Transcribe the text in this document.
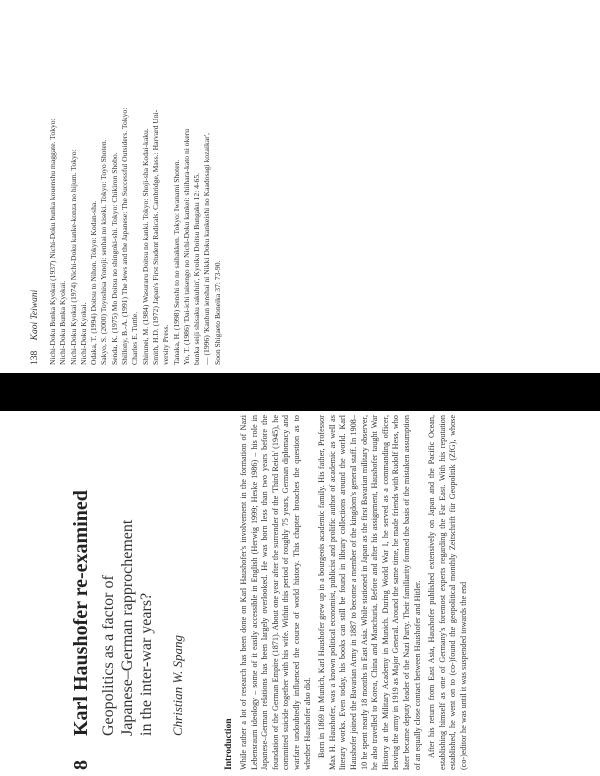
138 Kaoi Teiwani Nichi-Doku Bunka Kyokai (1937) Nichi-Doku bunka kouenshu maggate. Tokyo: Nichi-Doku Bunka Kyokai. Nichi-Doku Kyokai (1974) Nichi-Doku kanke-konza no hijum. Tokyo: Nichi-Doku Kyokai. Odaka, T. (1994) Doitsu to Nihon. Tokyo: Kodan-sha. Sakyo, S. (2000) Toyoshisa Yonoji: senhai no kiseki. Tokyo: Toyo Shoten. Senda, K. (1975) Mo Doitsu no shingoki-shi. Tokyo: Chikiron Shobo. Shillony, B.-A. (1991) The Jews and the Japanese: The Successful Outsiders. Tokyo: Charles E. Tuttle. Shirunei, M. (1984) Wasuraru Doitsu no kanki. Tokyo: Shoji-sha Kodai-kaku. Smith, H.D. (1972) Japan's First Student Radicals. Cambridge, Mass.: Harvard Uni- versity Press. Tanaka, H. (1998) Senshi to no saihakken. Tokyo: Iwanami Shoten. Yo, T. (1986) 'Dai-ichi taisengo no Nichi-Doku kankei: shiihara-kato ni okeru bunka seiji shisaku sakuhin', Kyoiku Doitsu Bungaku 12: 4-65. — (1996) 'Kanbun ienshai ni Nikki Doku kankeishi no Kaadosagi kozaikar', Soon Shigaeto Boneika 37: 73-90.

8
Karl Haushofer re-examined Geopolitics as a factor of Japanese–German rapprochement in the inter-war years? Christian W. Spang
Introduction While rather a lot of research has been done on Karl Haushofer's involvement in the formation of Nazi Lebensraum ideology – some of it easily accessible in English (Herwig 1999; Heske 1986) – his role in Japanese–German relations has been largely overlooked. He was born less than two years before the foundation of the German Empire (1871). About one year after the surrender of the 'Third Reich' (1945), he committed suicide together with his wife. Within this period of roughly 75 years, German diplomacy and warfare undoubtedly influenced the course of world history. This chapter broaches the question as to whether Haushofer also did. Born in 1869 in Munich, Karl Haushofer grew up in a bourgeois academic family. His father, Professor Max H. Haushofer, was a known political economist, publicist and prolific author of academic as well as literary works. Even today, his books can still be found in library collections around the world. Karl Haushofer joined the Bavarian Army in 1887 to become a member of the kingdom's general staff. In 1908–10 he spent nearly 18 months in East Asia. While stationed in Japan as the first Bavarian military observer, he also travelled to Korea, China and Manchuria. Before and after his assignment, Haushofer taught War History at the Military Academy in Munich. During World War I, he served as a commanding officer, leaving the army in 1919 as Major General. Around the same time, he made friends with Rudolf Hess, who later became deputy leader of the Nazi Party. Their familiarity formed the basis of the mistaken assumption of an equally close contact between Haushofer and Hitler. After his return from East Asia, Haushofer published extensively on Japan and the Pacific Ocean, establishing himself as one of Germany's foremost experts regarding the Far East. With his reputation established, he went on to (co-)found the geopolitical monthly Zeitschrift für Geopolitik (ZfG), whose (co-)editor he was until it was suspended towards the end
